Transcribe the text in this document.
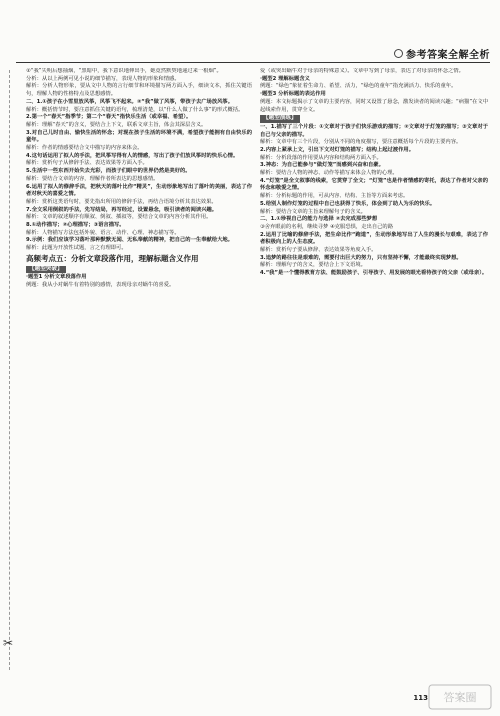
✂
参考答案全解全析

②“我”失明后想抽烟，“黑暗中，我下意识地伸出手，她竟然默契地递过来一根烟”。

分析：从以上两例可见小说的细节描写，表现人物的形象和情感。

解析：分析人物形象，要从文中人物的言行细节和环境描写两方面入手，细读文本，抓住关键语句，理解人物的性格特点及思想感情。

二、1.①孩子在小雪里放风筝，风筝飞不起来。②“我”做了风筝，带孩子去广场放风筝。

解析：概括情节时，要注意抓住关键的语句，梳理清楚，以“什么人做了什么事”的形式概括。

2.第一个“春天”指季节；第二个“春天”指快乐生活（或幸福、希望）。

解析：理解“春天”的含义，要结合上下文，联系文章主旨，体会其深层含义。

3.对自己儿时自由、愉快生活的怀念；对现在孩子生活的环境不满，希望孩子能拥有自由快乐的童年。

解析：作者的情感要结合文中描写的内容来体会。

4.这句话运用了拟人的手法，把风筝写得有人的情感，写出了孩子们放风筝时的快乐心情。

解析：赏析句子从修辞手法、表达效果等方面入手。

5.生活中一些东西开始失去光彩，而孩子们眼中的世界仍然是美好的。

解析：要结合文章的内容，理解作者所表达的思想感情。

6.运用了拟人的修辞手法，把秋天的落叶比作“精灵”，生动形象地写出了落叶的美丽，表达了作者对秋天的喜爱之情。

解析：赏析这类语句时，要先指出所用的修辞手法，再结合语境分析其表达效果。

7.全文采用倒叙的手法，先写结局，再写经过，设置悬念，吸引读者的阅读兴趣。

解析：文章的叙述顺序有顺叙、倒叙、插叙等，要结合文章的内容分析其作用。

8.①动作描写；②心理描写；③语言描写。

解析：人物描写方法包括外貌、语言、动作、心理、神态描写等。

9.示例：我们应该学习落叶那种默默无闻、无私奉献的精神，把自己的一生奉献给大地。

解析：此题为开放性试题，言之有理即可。

高频考点五：分析文章段落作用，理解标题含义作用
【题型突破】

·题型1 分析文章段落作用

例题：我从小对蜗牛有着特别的感情，表现母亲对蜗牛的喜爱。

爱（或突出蜗牛对于母亲的特殊意义）。文章中写到了母亲，表达了对母亲的怀念之情。

·题型2 理解标题含义

例题：“绿色”象征着生命力、希望、活力，“绿色的童年”指充满活力、快乐的童年。

·题型3 分析标题的表达作用

例题：本文标题揭示了文章的主要内容，同时又设置了悬念，激发读者的阅读兴趣；“病猫”在文中起线索作用，贯穿全文。

【题型演练】

一、1.描写了三个片段：①文章对于孩子们快乐游戏的描写；②文章对于灯笼的描写；③文章对于自己与父亲的描写。

解析：文章中有三个片段，分别从不同的角度描写，要注意概括每个片段的主要内容。

2.内容上紧承上文，引出下文对灯笼的描写；结构上起过渡作用。

解析：分析段落的作用要从内容和结构两方面入手。

3.神态：为自己能参与“做灯笼”而感到兴奋和自豪。

解析：要结合人物的神态、动作等描写来体会人物的心理。

4.“灯笼”是全文叙事的线索，它贯穿了全文；“灯笼”也是作者情感的寄托，表达了作者对父亲的怀念和敬爱之情。

解析：分析标题的作用，可从内容、结构、主旨等方面来考虑。

5.给别人制作灯笼的过程中自己也获得了快乐，体会到了助人为乐的快乐。

解析：要结合文章的主旨来理解句子的含义。

二、1.①珍视自己的能力与选择 ②去完成那些梦想

③舍弃眼前的名利，继续寻梦 ④克服恐惧，走出自己的路

2.运用了比喻的修辞手法，把生命比作“跑道”，生动形象地写出了人生的漫长与艰难，表达了作者积极向上的人生态度。

解析：赏析句子要从修辞、表达效果等角度入手。

3.追梦的路往往是艰难的，需要付出巨大的努力，只有坚持不懈，才能最终实现梦想。

解析：理解句子的含义，要结合上下文语境。

4.“我”是一个懂得教育方法、能鼓励孩子、引导孩子、用发展的眼光看待孩子的父亲（或母亲）。

113 答案圈
